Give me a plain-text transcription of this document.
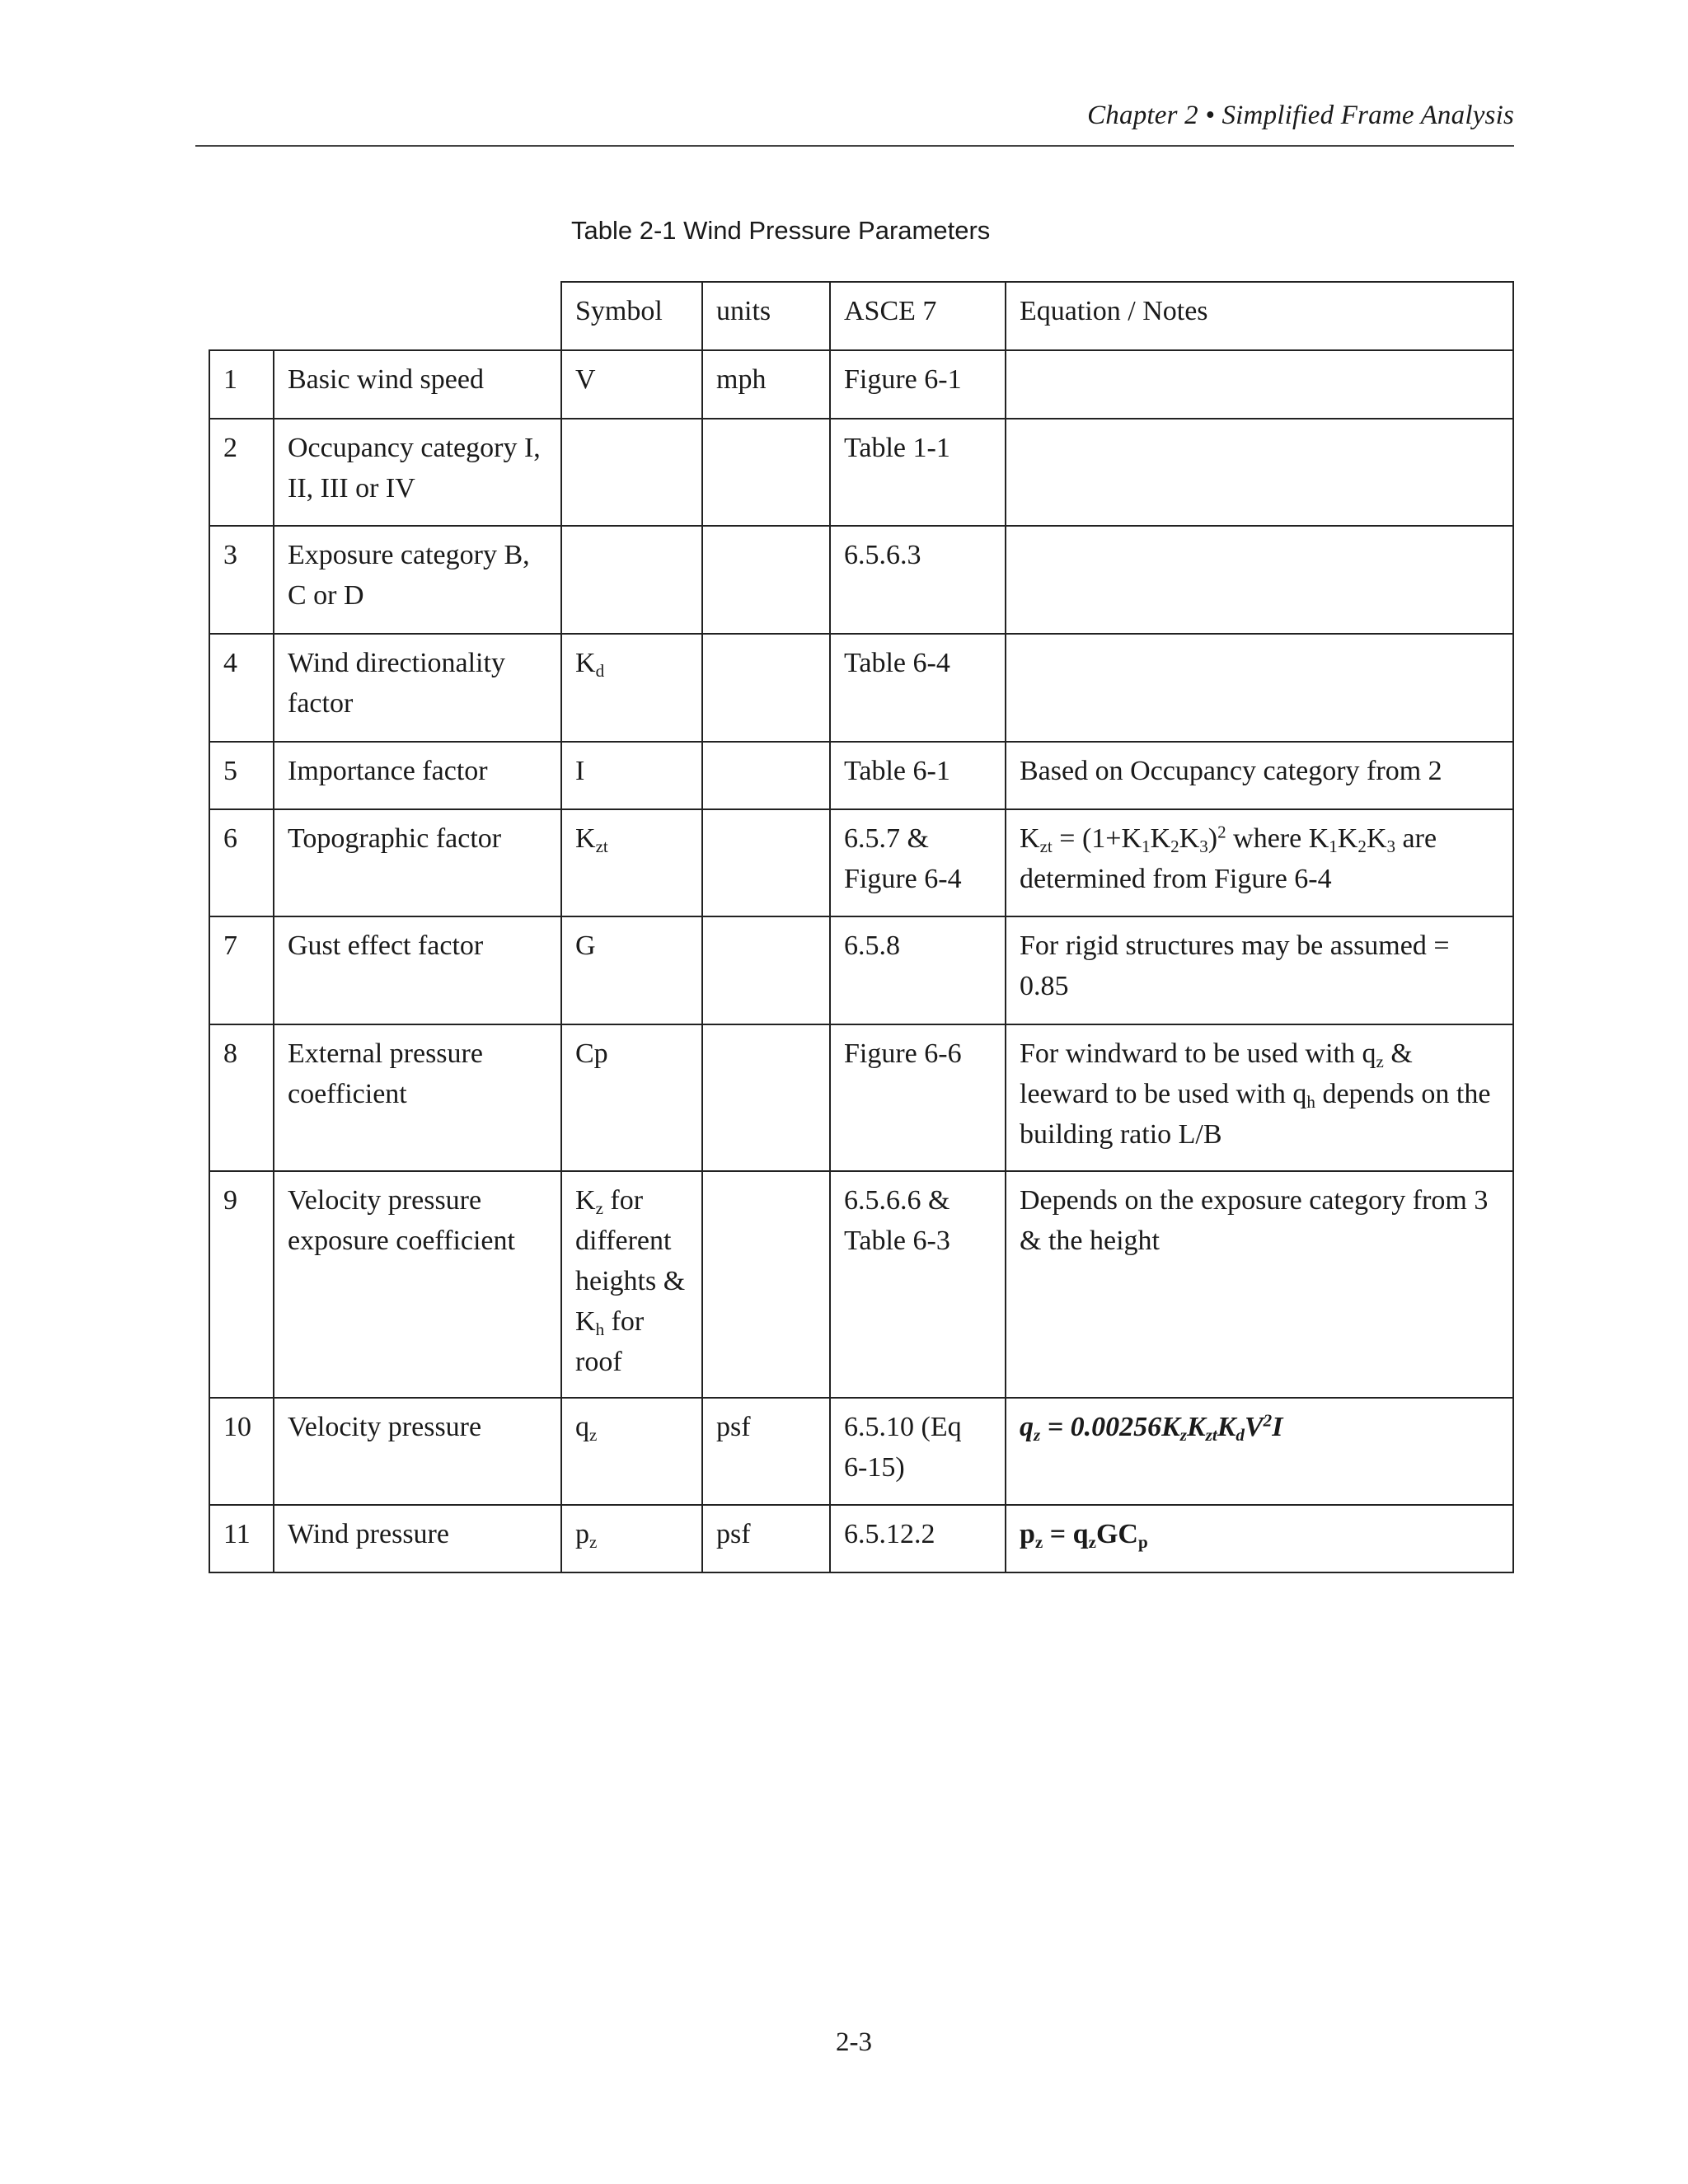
Chapter 2 • Simplified Frame Analysis
Table 2-1 Wind Pressure Parameters
		Symbol	units	ASCE 7	Equation / Notes
1	Basic wind speed	V	mph	Figure 6-1	
2	Occupancy category I, II, III or IV			Table 1-1	
3	Exposure category B, C or D			6.5.6.3	
4	Wind directionality factor	$K_d$		Table 6-4	
5	Importance factor	I		Table 6-1	Based on Occupancy category from 2
6	Topographic factor	$K_{zt}$		6.5.7 & Figure 6-4	$K_{zt} = (1+K_1K_2K_3)^2$ where $K_1K_2K_3$ are determined from Figure 6-4
7	Gust effect factor	G		6.5.8	For rigid structures may be assumed = 0.85
8	External pressure coefficient	Cp		Figure 6-6	For windward to be used with $q_z$ & leeward to be used with $q_h$ depends on the building ratio L/B
9	Velocity pressure exposure coefficient	$K_z$ for different heights & $K_h$ for roof		6.5.6.6 & Table 6-3	Depends on the exposure category from 3 & the height
10	Velocity pressure	$q_z$	psf	6.5.10 (Eq 6-15)	$q_z = 0.00256K_zK_{zt}K_dV^2I$
11	Wind pressure	$p_z$	psf	6.5.12.2	$p_z = q_zGC_p$
2-3
